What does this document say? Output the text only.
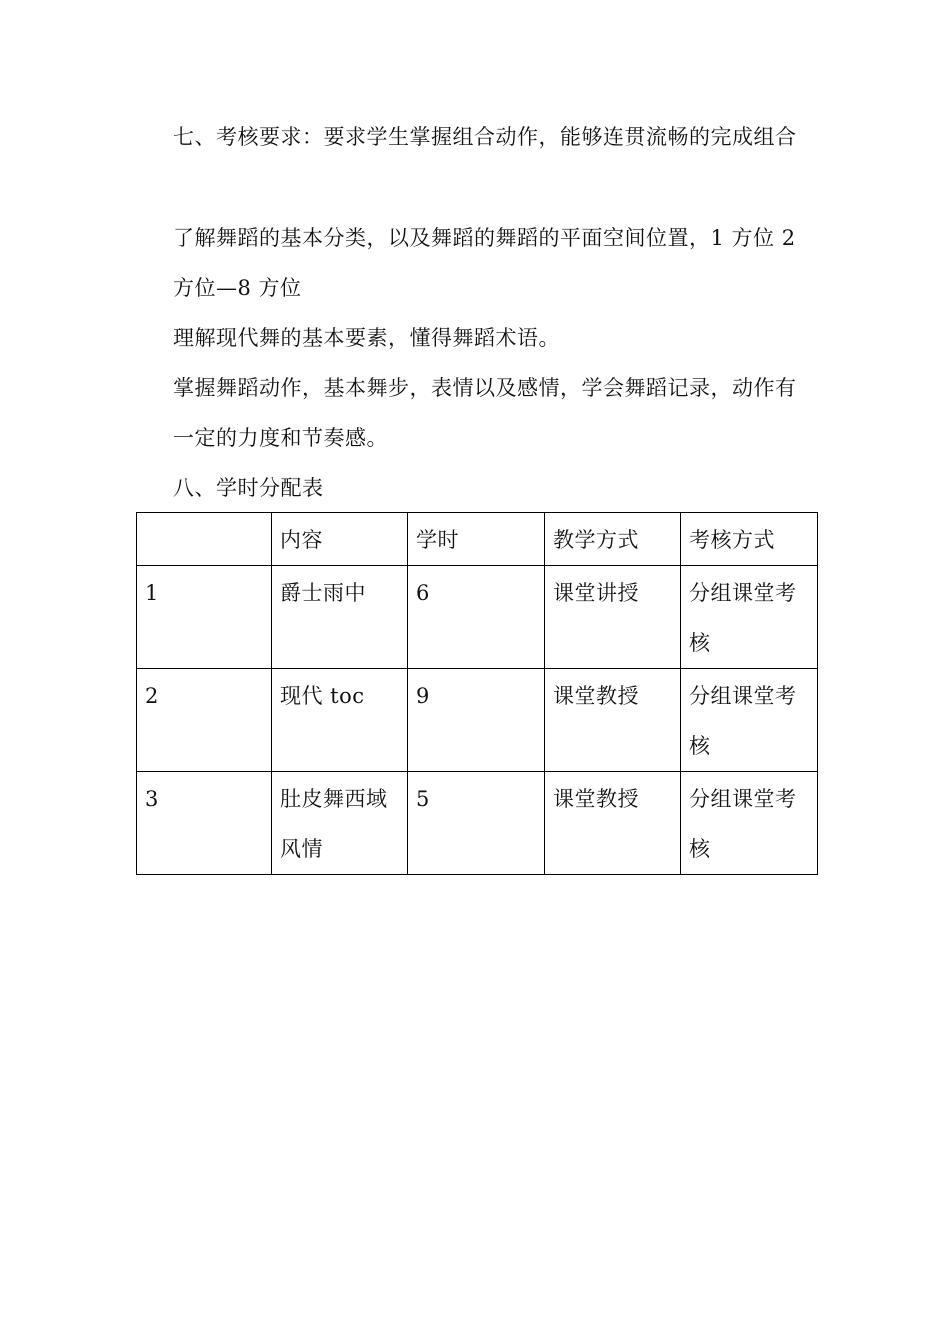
七、考核要求：要求学生掌握组合动作，能够连贯流畅的完成组合

了解舞蹈的基本分类，以及舞蹈的舞蹈的平面空间位置，1 方位 2 方位—8 方位

理解现代舞的基本要素，懂得舞蹈术语。

掌握舞蹈动作，基本舞步，表情以及感情，学会舞蹈记录，动作有一定的力度和节奏感。

八、学时分配表

	内容	学时	教学方式	考核方式
1	爵士雨中	6	课堂讲授	分组课堂考核
2	现代 toc	9	课堂教授	分组课堂考核
3	肚皮舞西域风情	5	课堂教授	分组课堂考核
